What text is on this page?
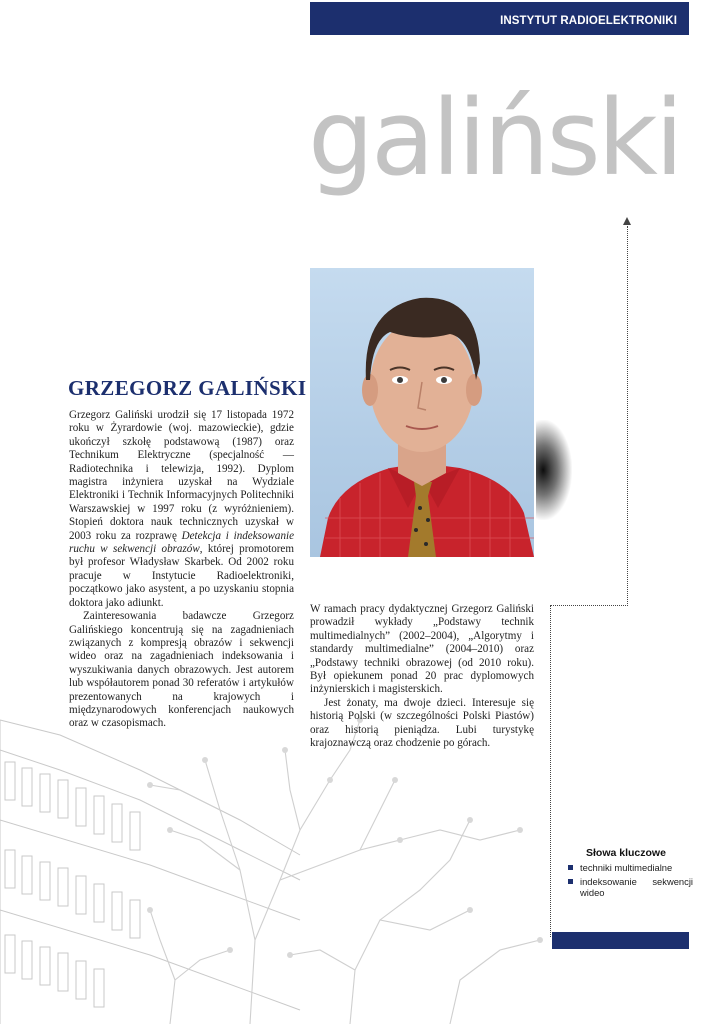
INSTYTUT RADIOELEKTRONIKI
galiński
GRZEGORZ GALIŃSKI

Grzegorz Galiński urodził się 17 listopada 1972 roku w Żyrardowie (woj. mazowieckie), gdzie ukończył szkołę podstawową (1987) oraz Technikum Elektryczne (specjalność — Radiotechnika i telewizja, 1992). Dyplom magistra inżyniera uzyskał na Wydziale Elektroniki i Technik Informacyjnych Politechniki Warszawskiej w 1997 roku (z wyróżnieniem). Stopień doktora nauk technicznych uzyskał w 2003 roku za rozprawę Detekcja i indeksowanie ruchu w sekwencji obrazów, której promotorem był profesor Władysław Skarbek. Od 2002 roku pracuje w Instytucie Radioelektroniki, początkowo jako asystent, a po uzyskaniu stopnia doktora jako adiunkt.

Zainteresowania badawcze Grzegorz Galińskiego koncentrują się na zagadnieniach związanych z kompresją obrazów i sekwencji wideo oraz na zagadnieniach indeksowania i wyszukiwania danych obrazowych. Jest autorem lub współautorem ponad 30 referatów i artykułów prezentowanych na krajowych i międzynarodowych konferencjach naukowych oraz w czasopismach.

W ramach pracy dydaktycznej Grzegorz Galiński prowadził wykłady „Podstawy technik multimedialnych” (2002–2004), „Algorytmy i standardy multimedialne” (2004–2010) oraz „Podstawy techniki obrazowej (od 2010 roku). Był opiekunem ponad 20 prac dyplomowych inżynierskich i magisterskich.

Jest żonaty, ma dwoje dzieci. Interesuje się historią Polski (w szczególności Polski Piastów) oraz historią pieniądza. Lubi turystykę krajoznawczą oraz chodzenie po górach.

Słowa kluczowe
techniki multimedialne
indeksowanie sekwencji wideo
